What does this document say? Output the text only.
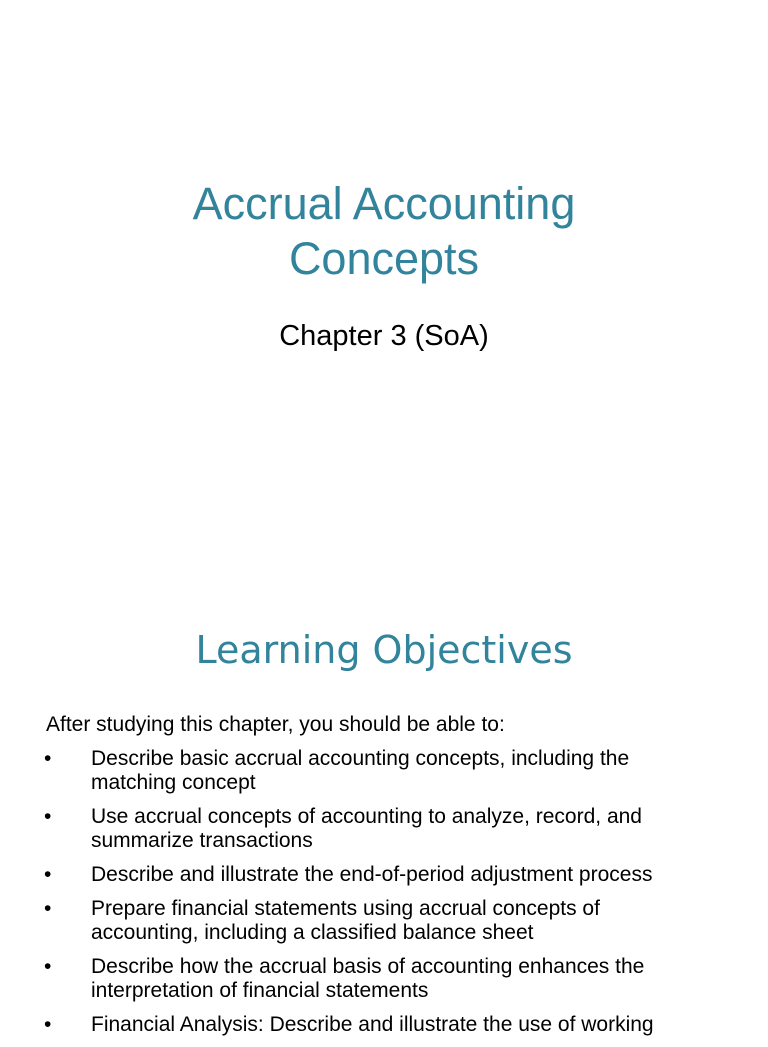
Accrual Accounting
Concepts
Chapter 3 (SoA)
Learning Objectives
After studying this chapter, you should be able to:
• Describe basic accrual accounting concepts, including the matching concept
• Use accrual concepts of accounting to analyze, record, and summarize transactions
• Describe and illustrate the end-of-period adjustment process
• Prepare financial statements using accrual concepts of accounting, including a classified balance sheet
• Describe how the accrual basis of accounting enhances the interpretation of financial statements
• Financial Analysis: Describe and illustrate the use of working
